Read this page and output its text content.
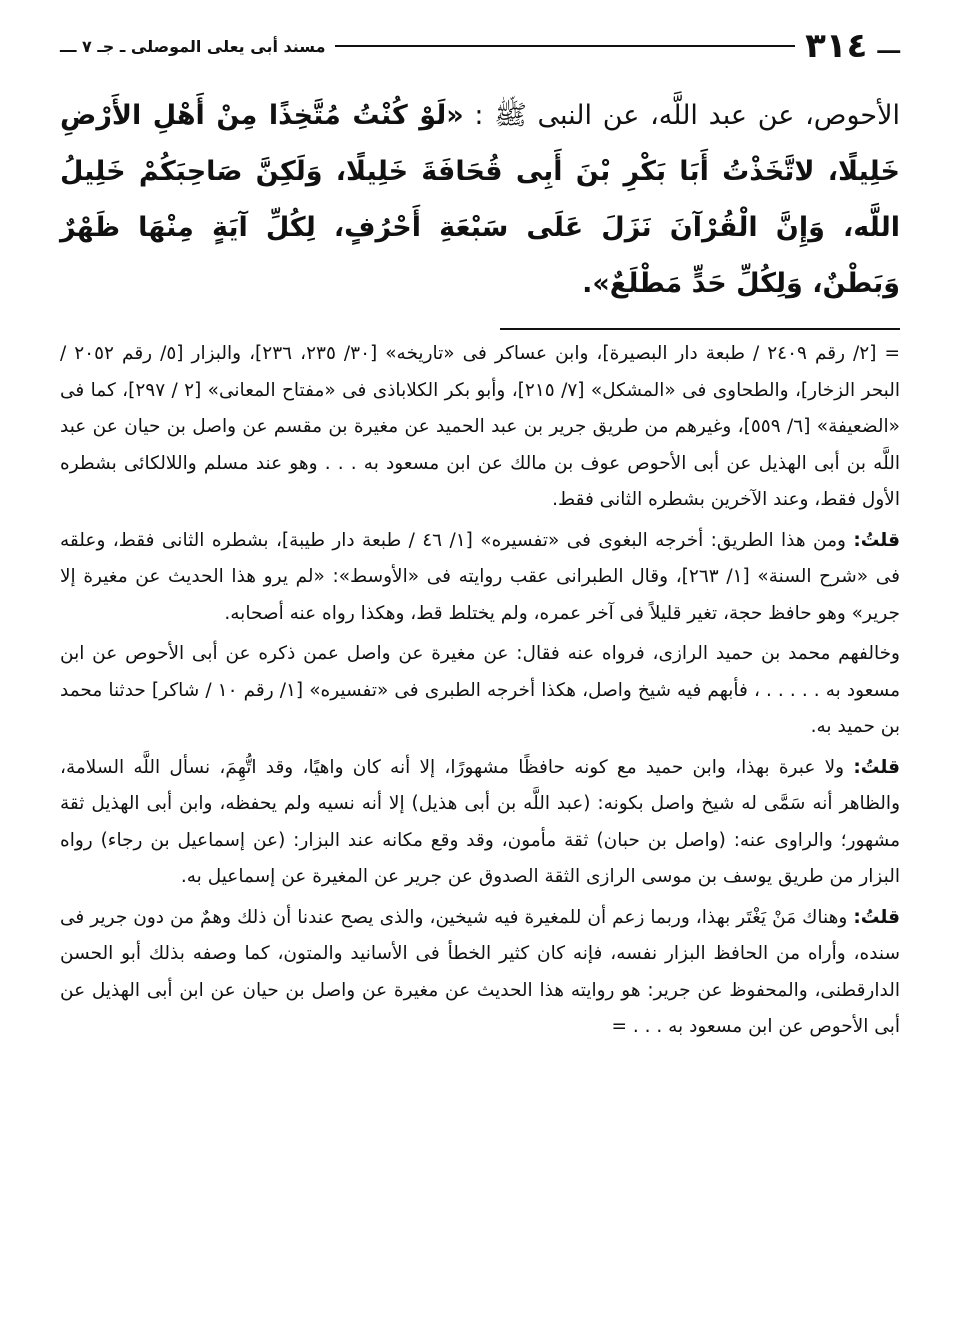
ـــ
٣١٤
مسند أبى يعلى الموصلى ـ جـ ٧ ـــ
الأحوص، عن عبد اللَّه، عن النبى ﷺ : «لَوْ كُنْتُ مُتَّخِذًا مِنْ أَهْلِ الأَرْضِ خَلِيلًا، لاتَّخَذْتُ أَبَا بَكْرِ بْنَ أَبِى قُحَافَةَ خَلِيلًا، وَلَكِنَّ صَاحِبَكُمْ خَلِيلُ اللَّه، وَإِنَّ الْقُرْآنَ نَزَلَ عَلَى سَبْعَةِ أَحْرُفٍ، لِكُلِّ آيَةٍ مِنْهَا ظَهْرٌ وَبَطْنٌ، وَلِكُلِّ حَدٍّ مَطْلَعٌ».

= [٢/ رقم ٢٤٠٩ / طبعة دار البصيرة]، وابن عساكر فى «تاريخه» [٣٠/ ٢٣٥، ٢٣٦]، والبزار [٥/ رقم ٢٠٥٢ / البحر الزخار]، والطحاوى فى «المشكل» [٧/ ٢١٥]، وأبو بكر الكلاباذى فى «مفتاح المعانى» [٢ / ٢٩٧]، كما فى «الضعيفة» [٦/ ٥٥٩]، وغيرهم من طريق جرير بن عبد الحميد عن مغيرة بن مقسم عن واصل بن حيان عن عبد اللَّه بن أبى الهذيل عن أبى الأحوص عوف بن مالك عن ابن مسعود به . . . وهو عند مسلم واللالكائى بشطره الأول فقط، وعند الآخرين بشطره الثانى فقط.

قلتُ: ومن هذا الطريق: أخرجه البغوى فى «تفسيره» [١/ ٤٦ / طبعة دار طيبة]، بشطره الثانى فقط، وعلقه فى «شرح السنة» [١/ ٢٦٣]، وقال الطبرانى عقب روايته فى «الأوسط»: «لم يرو هذا الحديث عن مغيرة إلا جرير» وهو حافظ حجة، تغير قليلاً فى آخر عمره، ولم يختلط قط، وهكذا رواه عنه أصحابه.

وخالفهم محمد بن حميد الرازى، فرواه عنه فقال: عن مغيرة عن واصل عمن ذكره عن أبى الأحوص عن ابن مسعود به . . . . . ، فأبهم فيه شيخ واصل، هكذا أخرجه الطبرى فى «تفسيره» [١/ رقم ١٠ / شاكر] حدثنا محمد بن حميد به.

قلتُ: ولا عبرة بهذا، وابن حميد مع كونه حافظًا مشهورًا، إلا أنه كان واهيًا، وقد اتُّهِمَ، نسأل اللَّه السلامة، والظاهر أنه سَمَّى له شيخ واصل بكونه: (عبد اللَّه بن أبى هذيل) إلا أنه نسيه ولم يحفظه، وابن أبى الهذيل ثقة مشهور؛ والراوى عنه: (واصل بن حبان) ثقة مأمون، وقد وقع مكانه عند البزار: (عن إسماعيل بن رجاء) رواه البزار من طريق يوسف بن موسى الرازى الثقة الصدوق عن جرير عن المغيرة عن إسماعيل به.

قلتُ: وهناك مَنْ يَغْتَر بهذا، وربما زعم أن للمغيرة فيه شيخين، والذى يصح عندنا أن ذلك وهمٌ من دون جرير فى سنده، وأراه من الحافظ البزار نفسه، فإنه كان كثير الخطأ فى الأسانيد والمتون، كما وصفه بذلك أبو الحسن الدارقطنى، والمحفوظ عن جرير: هو روايته هذا الحديث عن مغيرة عن واصل بن حيان عن ابن أبى الهذيل عن أبى الأحوص عن ابن مسعود به . . . =
